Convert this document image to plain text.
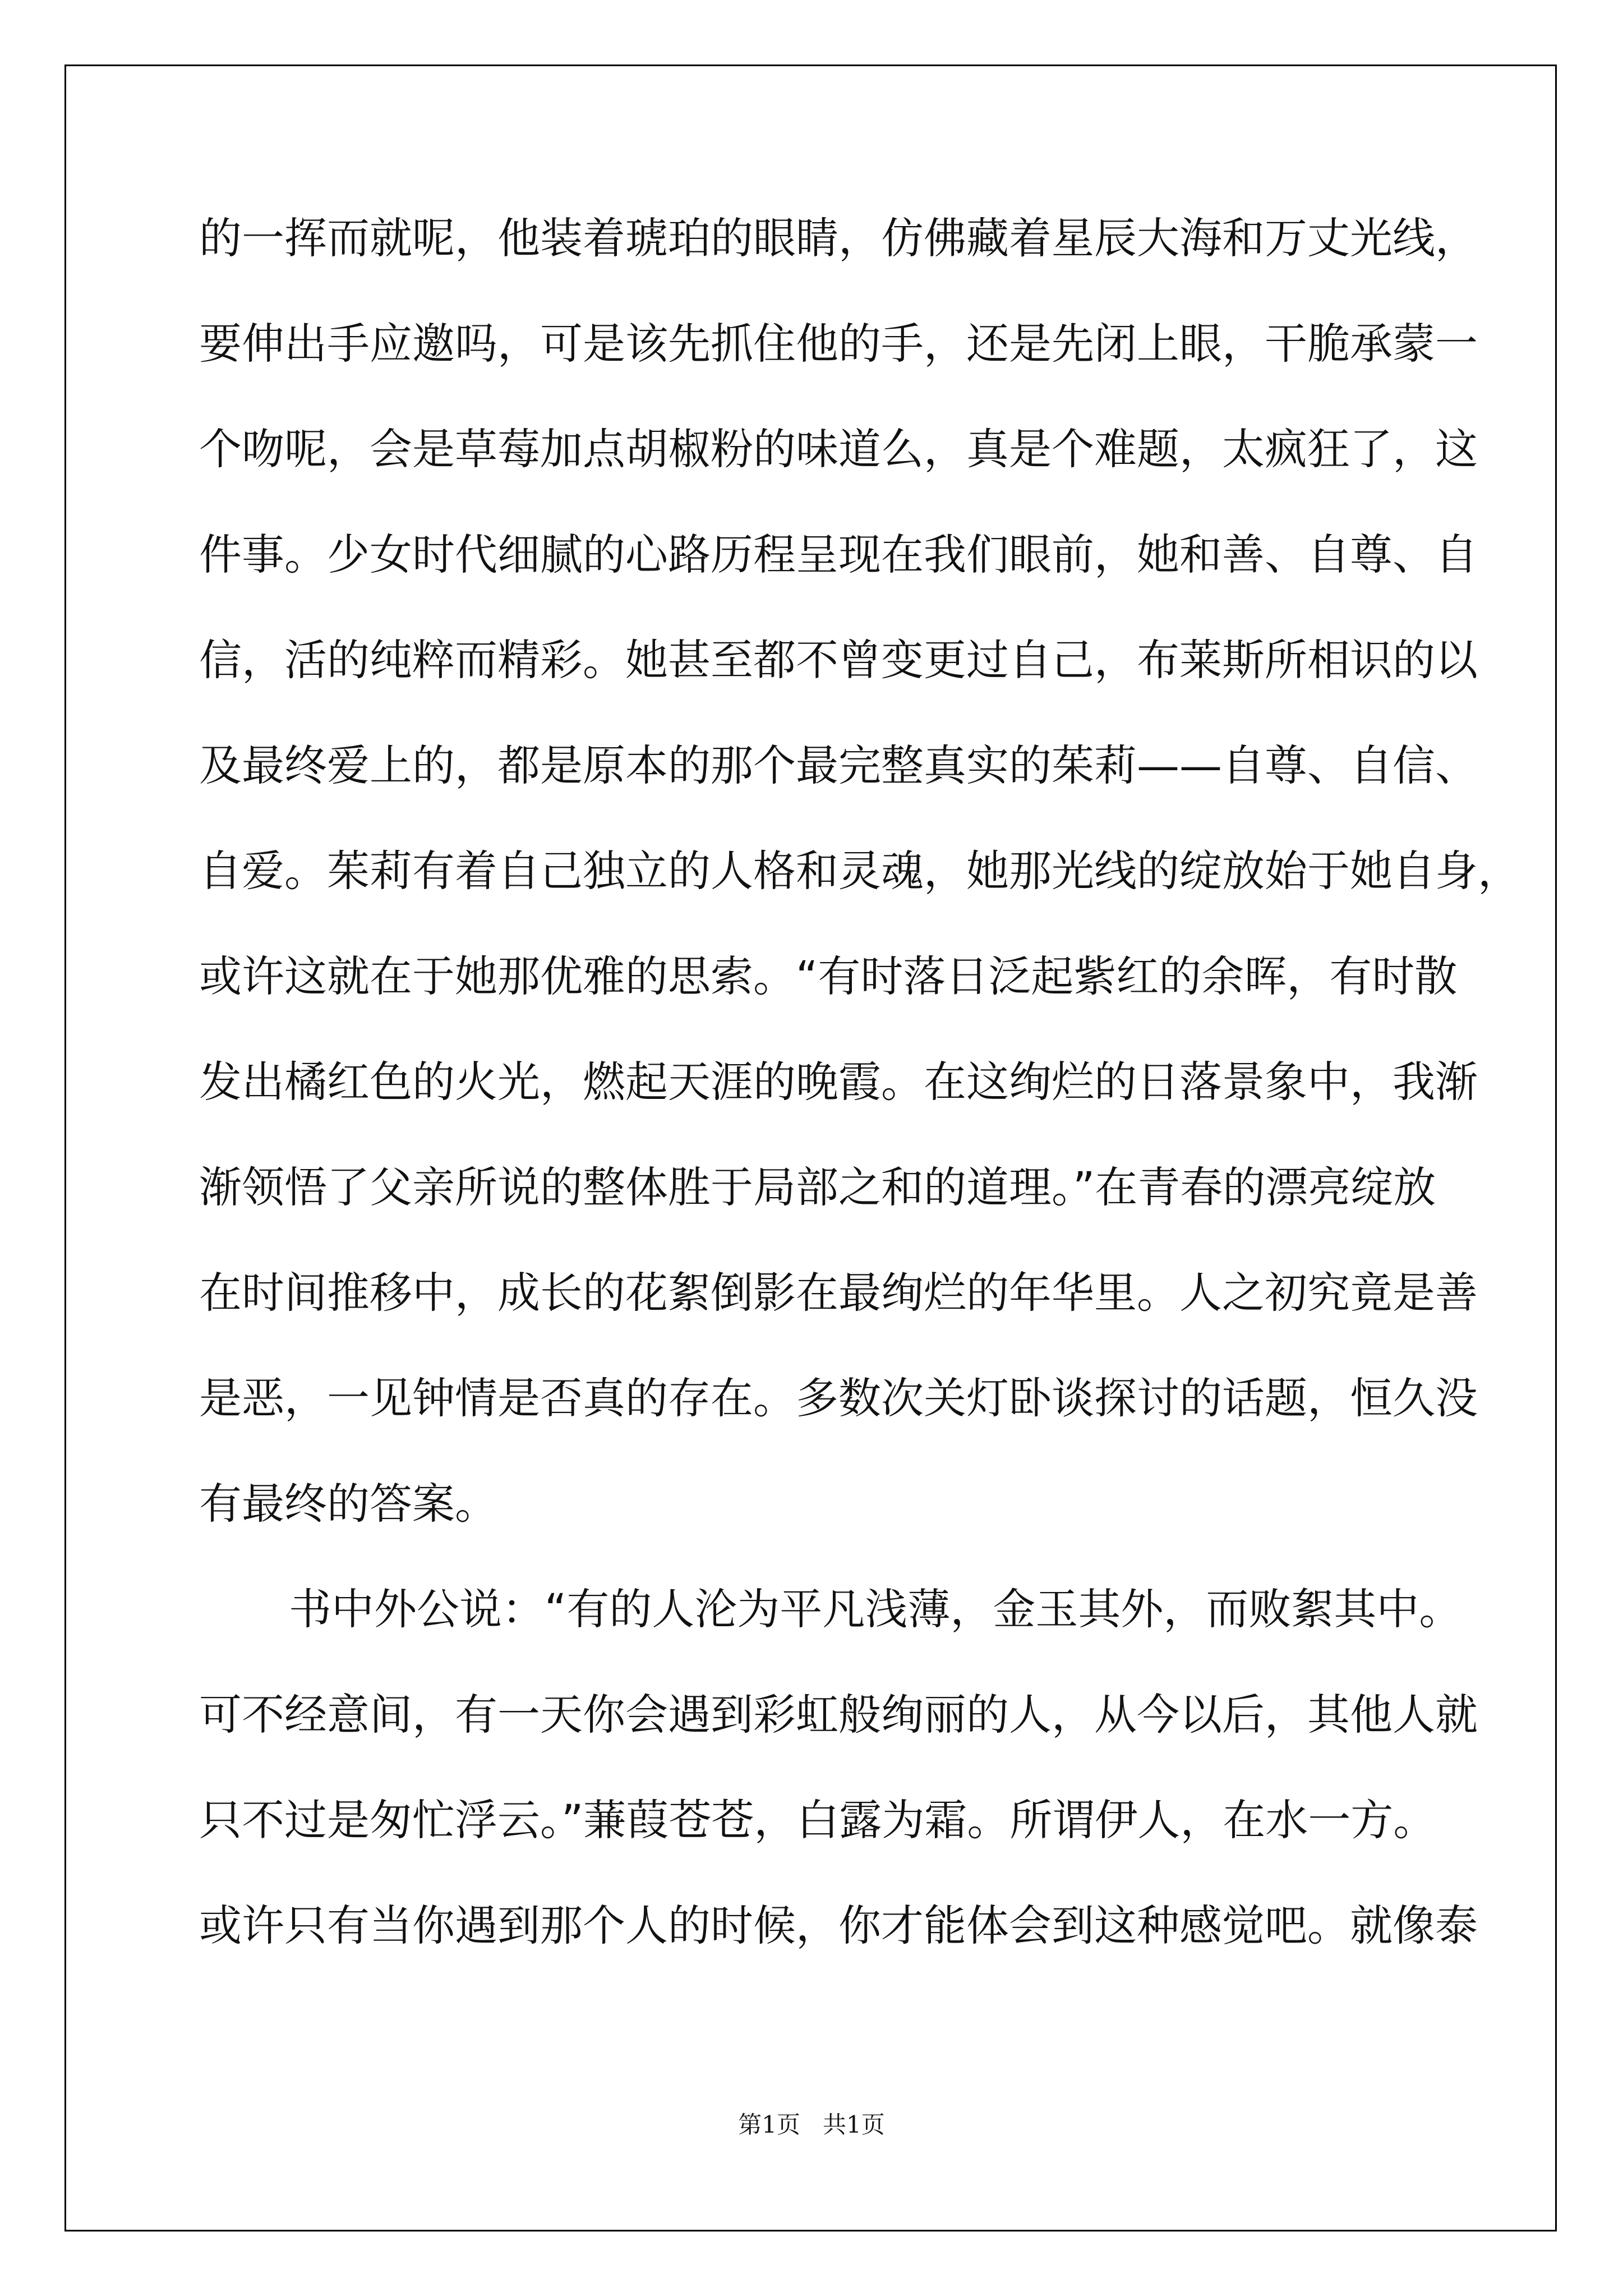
的一挥而就呢，他装着琥珀的眼睛，仿佛藏着星辰大海和万丈光线，
要伸出手应邀吗，可是该先抓住他的手，还是先闭上眼，干脆承蒙一
个吻呢，会是草莓加点胡椒粉的味道么，真是个难题，太疯狂了，这
件事。少女时代细腻的心路历程呈现在我们眼前，她和善、自尊、自
信，活的纯粹而精彩。她甚至都不曾变更过自己，布莱斯所相识的以
及最终爱上的，都是原本的那个最完整真实的茱莉——自尊、自信、
自爱。茱莉有着自己独立的人格和灵魂，她那光线的绽放始于她自身，
或许这就在于她那优雅的思索。“有时落日泛起紫红的余晖，有时散
发出橘红色的火光，燃起天涯的晚霞。在这绚烂的日落景象中，我渐
渐领悟了父亲所说的整体胜于局部之和的道理。”在青春的漂亮绽放
在时间推移中，成长的花絮倒影在最绚烂的年华里。人之初究竟是善
是恶，一见钟情是否真的存在。多数次关灯卧谈探讨的话题，恒久没
有最终的答案。
书中外公说：“有的人沦为平凡浅薄，金玉其外，而败絮其中。
可不经意间，有一天你会遇到彩虹般绚丽的人，从今以后，其他人就
只不过是匆忙浮云。”蒹葭苍苍，白露为霜。所谓伊人，在水一方。
或许只有当你遇到那个人的时候，你才能体会到这种感觉吧。就像泰
第1页 共1页
